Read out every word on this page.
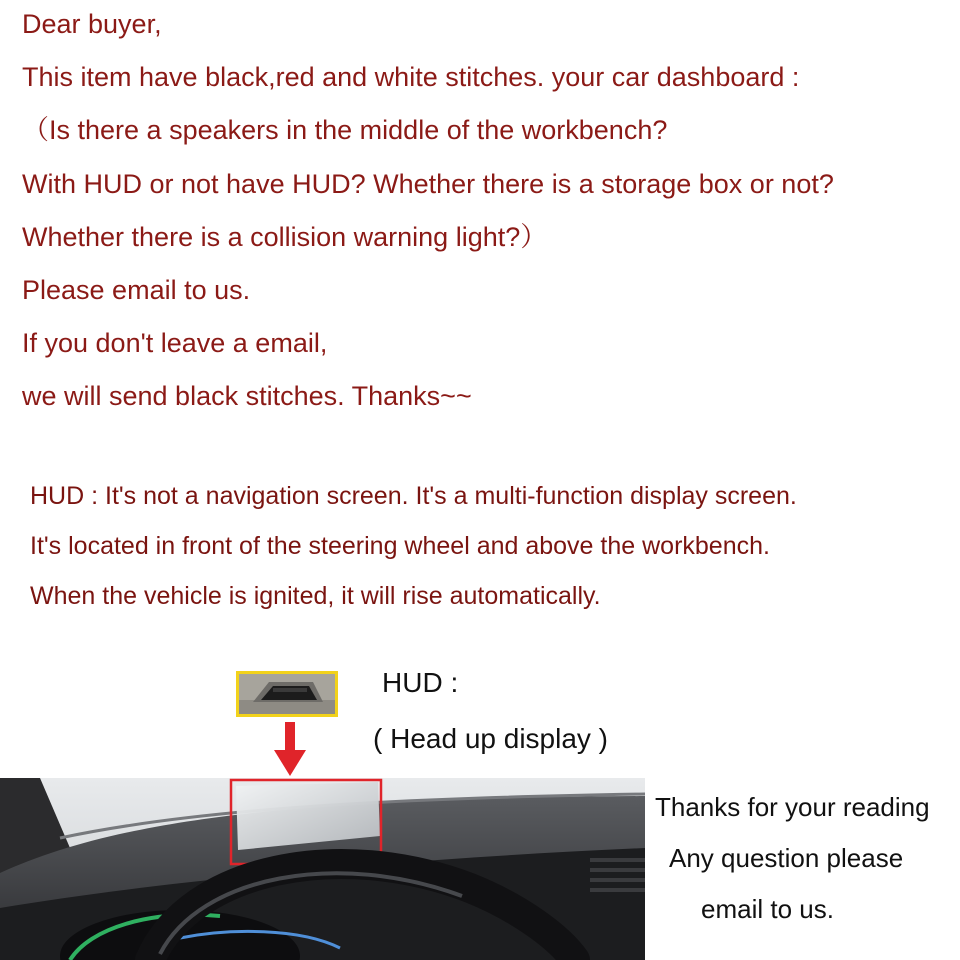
Dear buyer,

This item have black,red and white stitches. your car dashboard :

（Is there a speakers in the middle of the workbench?

With HUD or not have HUD? Whether there is a storage box or not?

Whether there is a collision warning light?）

Please email to us.

If you don't leave a email,

we will send black stitches. Thanks~~

HUD : It's not a navigation screen. It's a multi-function display screen.

It's located in front of the steering wheel and above the workbench.

When the vehicle is ignited, it will rise automatically.

HUD :

( Head up display )

Thanks for your reading

Any question please

email to us.
